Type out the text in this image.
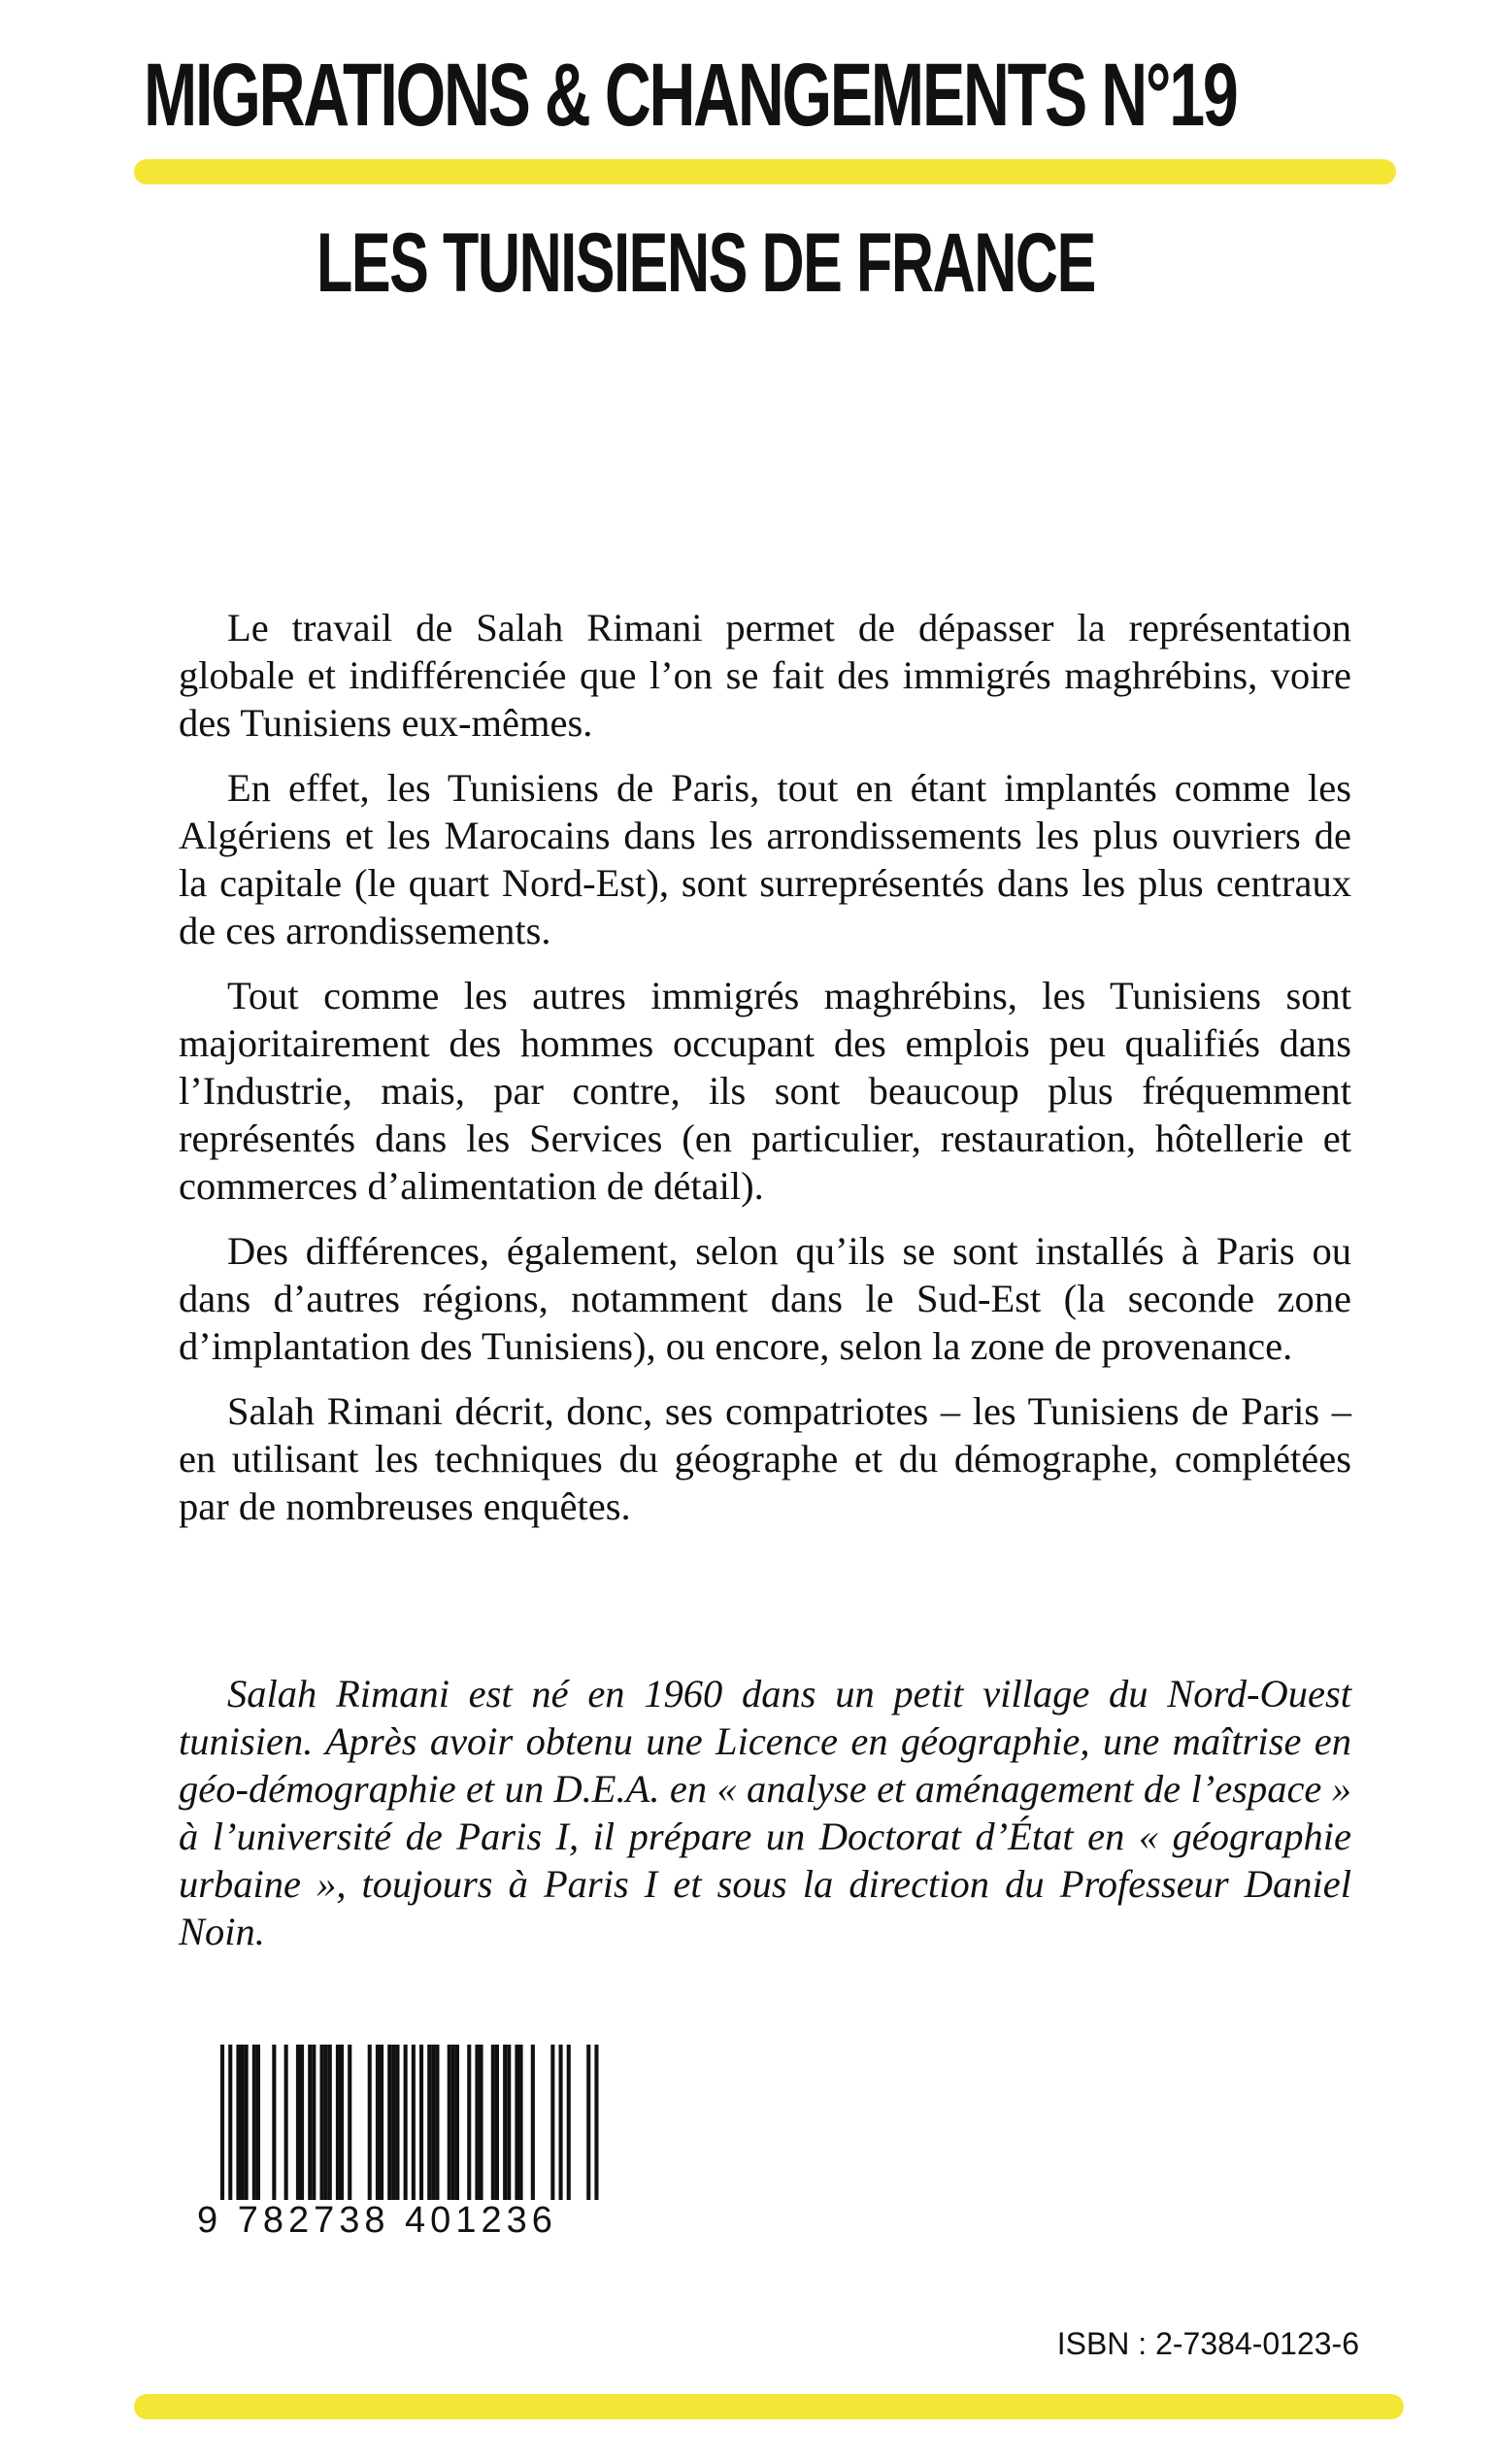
MIGRATIONS & CHANGEMENTS N°19
LES TUNISIENS DE FRANCE

Le travail de Salah Rimani permet de dépasser la représentation globale et indifférenciée que l’on se fait des immigrés maghrébins, voire des Tunisiens eux-mêmes.

En effet, les Tunisiens de Paris, tout en étant implantés comme les Algériens et les Marocains dans les arrondissements les plus ouvriers de la capitale (le quart Nord-Est), sont surreprésentés dans les plus centraux de ces arrondissements.

Tout comme les autres immigrés maghrébins, les Tunisiens sont majoritairement des hommes occupant des emplois peu qualifiés dans l’Industrie, mais, par contre, ils sont beaucoup plus fréquemment représentés dans les Services (en particulier, restauration, hôtellerie et commerces d’alimentation de détail).

Des différences, également, selon qu’ils se sont installés à Paris ou dans d’autres régions, notamment dans le Sud-Est (la seconde zone d’implantation des Tunisiens), ou encore, selon la zone de provenance.

Salah Rimani décrit, donc, ses compatriotes – les Tunisiens de Paris – en utilisant les techniques du géographe et du démographe, complétées par de nombreuses enquêtes.

Salah Rimani est né en 1960 dans un petit village du Nord-Ouest tunisien. Après avoir obtenu une Licence en géographie, une maîtrise en géo-démographie et un D.E.A. en « analyse et aménagement de l’espace » à l’université de Paris I, il prépare un Doctorat d’État en « géographie urbaine », toujours à Paris I et sous la direction du Professeur Daniel Noin.

9 782738 401236
ISBN : 2-7384-0123-6
